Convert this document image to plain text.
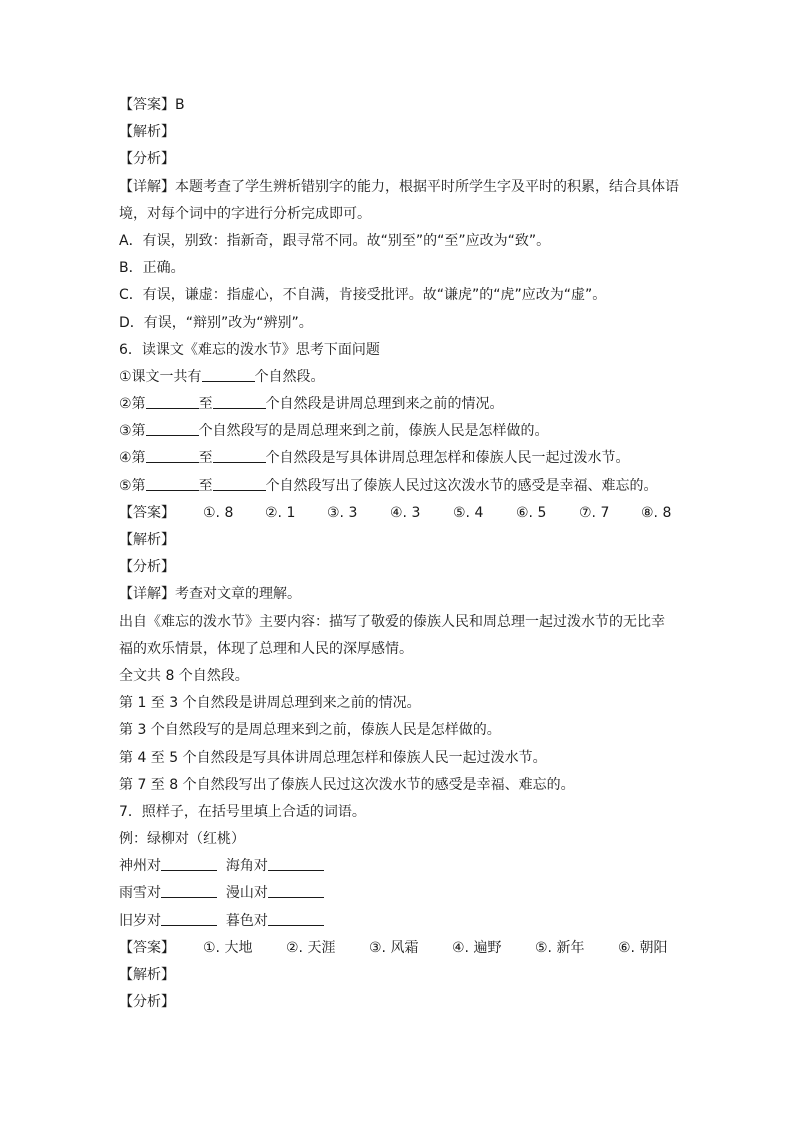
【答案】B
【解析】
【分析】
【详解】本题考查了学生辨析错别字的能力，根据平时所学生字及平时的积累，结合具体语
境，对每个词中的字进行分析完成即可。
A．有误，别致：指新奇，跟寻常不同。故“别至”的“至”应改为“致”。
B．正确。
C．有误，谦虚：指虚心，不自满，肯接受批评。故“谦虎”的“虎”应改为“虚”。
D．有误，“辩别”改为“辨别”。
6．读课文《难忘的泼水节》思考下面问题
①课文一共有	个自然段。
②第	至	个自然段是讲周总理到来之前的情况。
③第	个自然段写的是周总理来到之前，傣族人民是怎样做的。
④第	至	个自然段是写具体讲周总理怎样和傣族人民一起过泼水节。
⑤第	至	个自然段写出了傣族人民过这次泼水节的感受是幸福、难忘的。
【答案】 ①. 8 ②. 1 ③. 3 ④. 3 ⑤. 4 ⑥. 5 ⑦. 7 ⑧. 8
【解析】
【分析】
【详解】考查对文章的理解。
出自《难忘的泼水节》主要内容：描写了敬爱的傣族人民和周总理一起过泼水节的无比幸
福的欢乐情景，体现了总理和人民的深厚感情。
全文共 8 个自然段。
第 1 至 3 个自然段是讲周总理到来之前的情况。
第 3 个自然段写的是周总理来到之前，傣族人民是怎样做的。
第 4 至 5 个自然段是写具体讲周总理怎样和傣族人民一起过泼水节。
第 7 至 8 个自然段写出了傣族人民过这次泼水节的感受是幸福、难忘的。
7．照样子，在括号里填上合适的词语。
例：绿柳对（红桃）
神州对	海角对
雨雪对	漫山对
旧岁对	暮色对
【答案】 ①. 大地 ②. 天涯 ③. 风霜 ④. 遍野 ⑤. 新年 ⑥. 朝阳
【解析】
【分析】
